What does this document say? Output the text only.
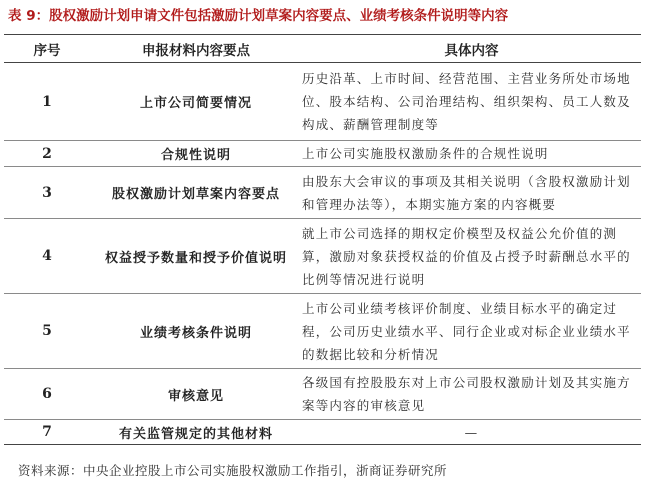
表 9：股权激励计划申请文件包括激励计划草案内容要点、业绩考核条件说明等内容
序号	申报材料内容要点	具体内容
1	上市公司简要情况	历史沿革、上市时间、经营范围、主营业务所处市场地位、股本结构、公司治理结构、组织架构、员工人数及构成、薪酬管理制度等
2	合规性说明	上市公司实施股权激励条件的合规性说明
3	股权激励计划草案内容要点	由股东大会审议的事项及其相关说明（含股权激励计划和管理办法等），本期实施方案的内容概要
4	权益授予数量和授予价值说明	就上市公司选择的期权定价模型及权益公允价值的测算，激励对象获授权益的价值及占授予时薪酬总水平的比例等情况进行说明
5	业绩考核条件说明	上市公司业绩考核评价制度、业绩目标水平的确定过程，公司历史业绩水平、同行企业或对标企业业绩水平的数据比较和分析情况
6	审核意见	各级国有控股股东对上市公司股权激励计划及其实施方案等内容的审核意见
7	有关监管规定的其他材料	—
资料来源：中央企业控股上市公司实施股权激励工作指引，浙商证券研究所
